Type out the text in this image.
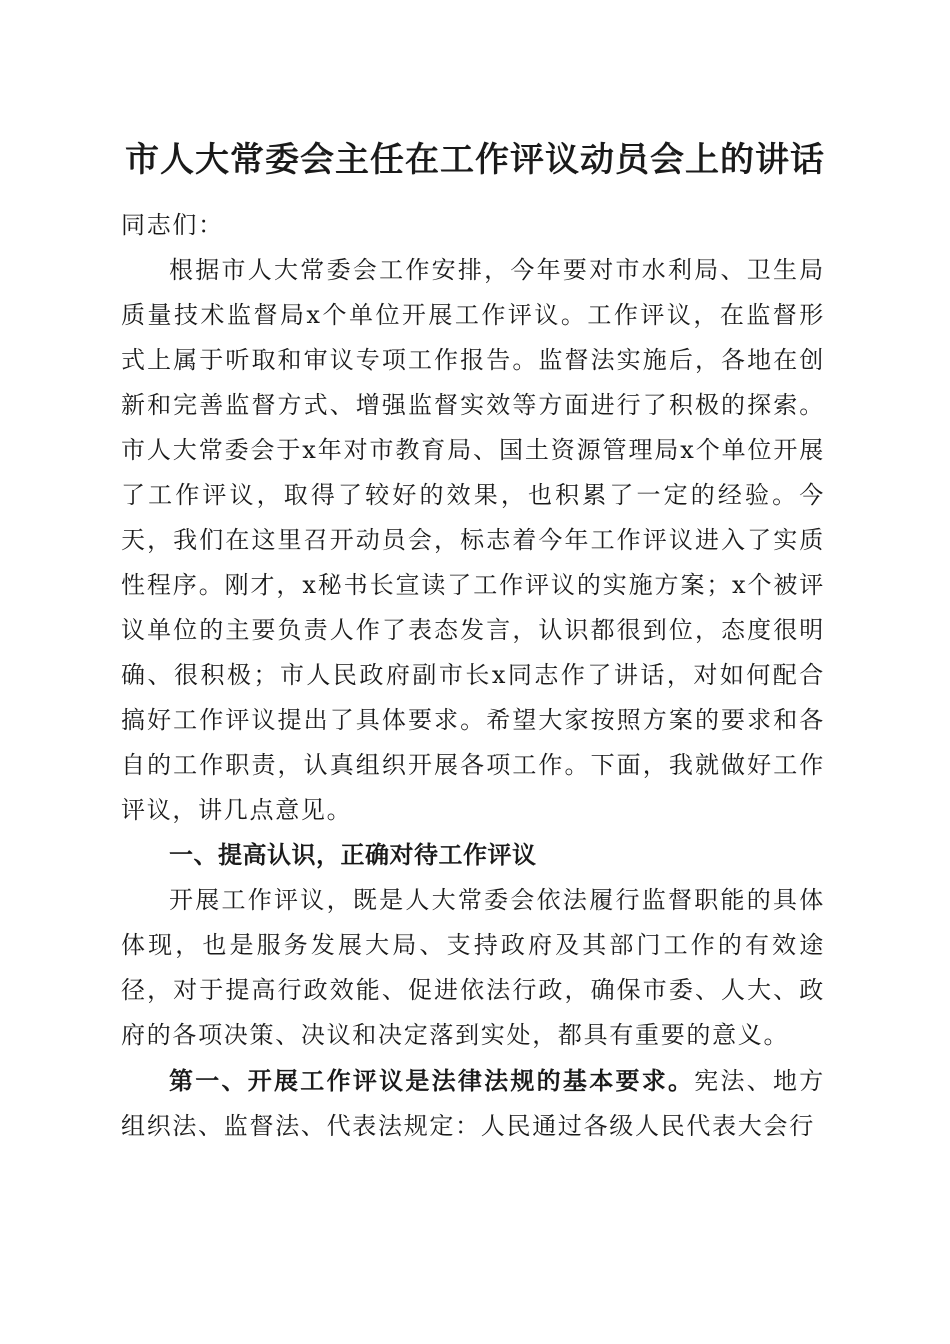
市人大常委会主任在工作评议动员会上的讲话

同志们：

根据市人大常委会工作安排，今年要对市水利局、卫生局质量技术监督局x个单位开展工作评议。工作评议，在监督形式上属于听取和审议专项工作报告。监督法实施后，各地在创新和完善监督方式、增强监督实效等方面进行了积极的探索。市人大常委会于x年对市教育局、国土资源管理局x个单位开展了工作评议，取得了较好的效果，也积累了一定的经验。今天，我们在这里召开动员会，标志着今年工作评议进入了实质性程序。刚才，x秘书长宣读了工作评议的实施方案；x个被评议单位的主要负责人作了表态发言，认识都很到位，态度很明确、很积极；市人民政府副市长x同志作了讲话，对如何配合搞好工作评议提出了具体要求。希望大家按照方案的要求和各自的工作职责，认真组织开展各项工作。下面，我就做好工作评议，讲几点意见。

一、提高认识，正确对待工作评议

开展工作评议，既是人大常委会依法履行监督职能的具体体现，也是服务发展大局、支持政府及其部门工作的有效途径，对于提高行政效能、促进依法行政，确保市委、人大、政府的各项决策、决议和决定落到实处，都具有重要的意义。

第一、开展工作评议是法律法规的基本要求。宪法、地方组织法、监督法、代表法规定：人民通过各级人民代表大会行
